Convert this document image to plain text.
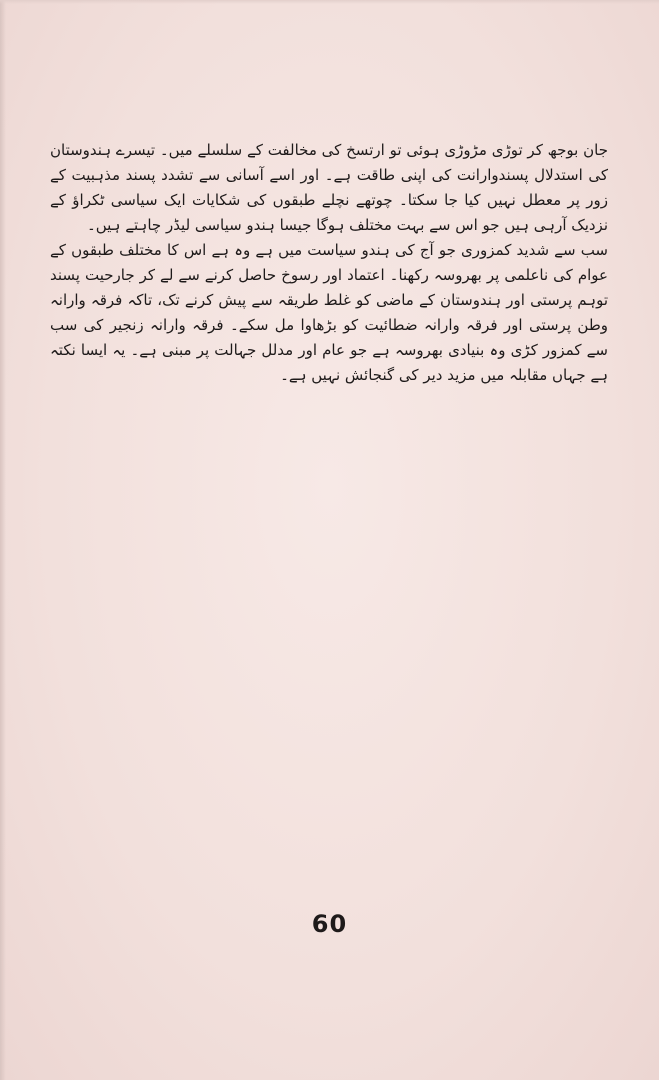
جان بوجھ کر توڑی مڑوڑی ہوئی تو ارتسخ کی مخالفت کے سلسلے میں۔ تیسرے ہندوستان کی استدلال پسندوارانت کی اپنی طاقت ہے۔ اور اسے آسانی سے تشدد پسند مذہبیت کے زور پر معطل نہیں کیا جا سکتا۔ چوتھے نچلے طبقوں کی شکایات ایک سیاسی ٹکراؤ کے نزدیک آرہی ہیں جو اس سے بہت مختلف ہوگا جیسا ہندو سیاسی لیڈر چاہتے ہیں۔

سب سے شدید کمزوری جو آج کی ہندو سیاست میں ہے وہ ہے اس کا مختلف طبقوں کے عوام کی ناعلمی پر بھروسہ رکھنا۔ اعتماد اور رسوخ حاصل کرنے سے لے کر جارحیت پسند توہم پرستی اور ہندوستان کے ماضی کو غلط طریقہ سے پیش کرنے تک، تاکہ فرقہ وارانہ وطن پرستی اور فرقہ وارانہ ضطائیت کو بڑھاوا مل سکے۔ فرقہ وارانہ زنجیر کی سب سے کمزور کڑی وہ بنیادی بھروسہ ہے جو عام اور مدلل جہالت پر مبنی ہے۔ یہ ایسا نکتہ ہے جہاں مقابلہ میں مزید دیر کی گنجائش نہیں ہے۔

60
